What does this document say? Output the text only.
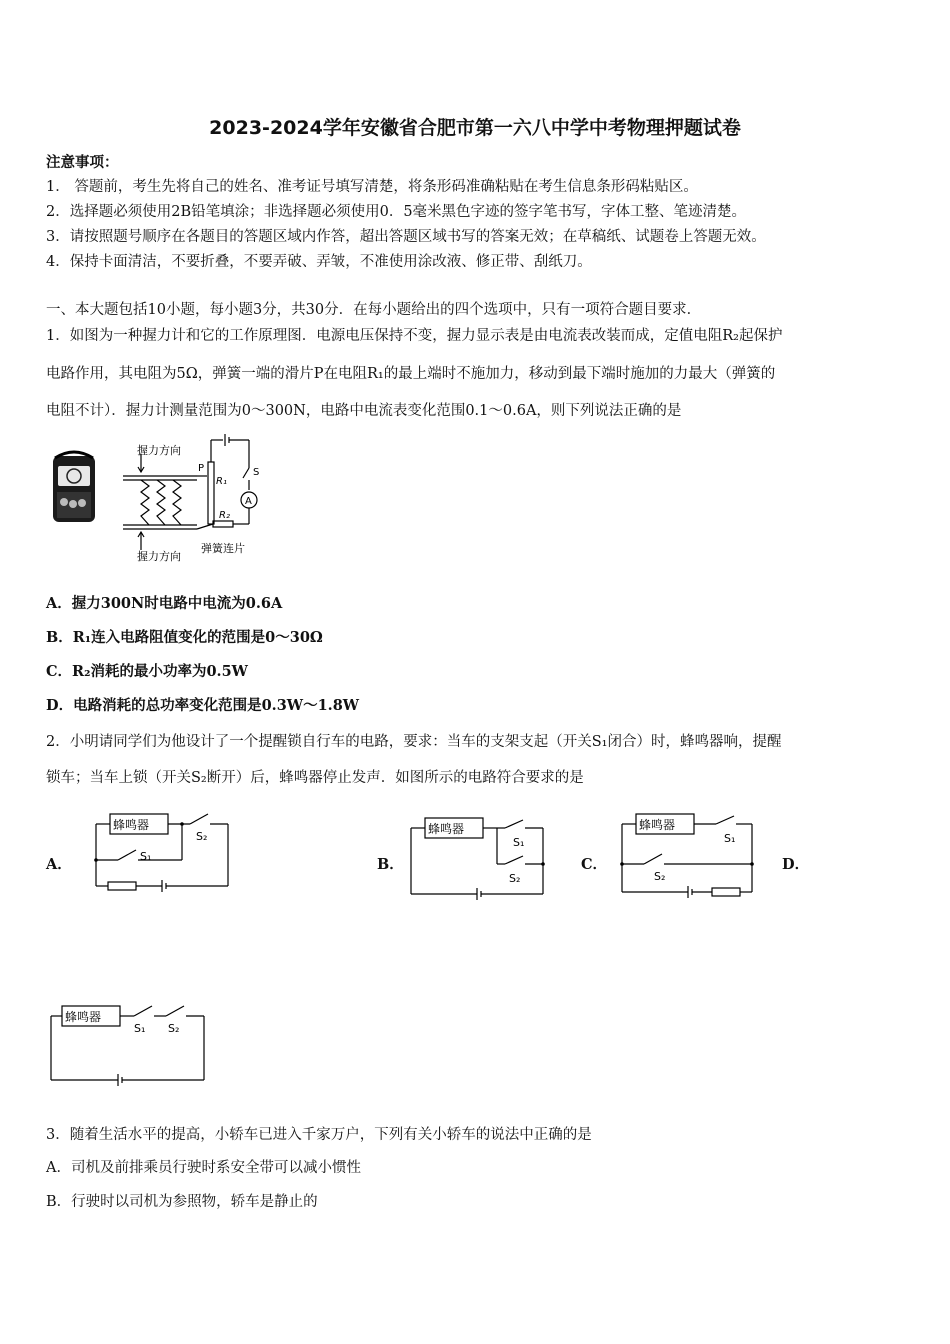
2023-2024学年安徽省合肥市第一六八中学中考物理押题试卷
注意事项：
1． 答题前，考生先将自己的姓名、准考证号填写清楚，将条形码准确粘贴在考生信息条形码粘贴区。
2．选择题必须使用2B铅笔填涂；非选择题必须使用0．5毫米黑色字迹的签字笔书写，字体工整、笔迹清楚。
3．请按照题号顺序在各题目的答题区域内作答，超出答题区域书写的答案无效；在草稿纸、试题卷上答题无效。
4．保持卡面清洁，不要折叠，不要弄破、弄皱，不准使用涂改液、修正带、刮纸刀。
一、本大题包括10小题，每小题3分，共30分．在每小题给出的四个选项中，只有一项符合题目要求．
1．如图为一种握力计和它的工作原理图．电源电压保持不变，握力显示表是由电流表改装而成，定值电阻R₂起保护
电路作用，其电阻为5Ω，弹簧一端的滑片P在电阻R₁的最上端时不施加力，移动到最下端时施加的力最大（弹簧的
电阻不计）．握力计测量范围为0～300N，电路中电流表变化范围0.1～0.6A，则下列说法正确的是
握力方向
握力方向
弹簧连片
P
R₁
R₂
S
A
A．握力300N时电路中电流为0.6A
B．R₁连入电路阻值变化的范围是0～30Ω
C．R₂消耗的最小功率为0.5W
D．电路消耗的总功率变化范围是0.3W～1.8W
2．小明请同学们为他设计了一个提醒锁自行车的电路，要求：当车的支架支起（开关S₁闭合）时，蜂鸣器响，提醒
锁车；当车上锁（开关S₂断开）后，蜂鸣器停止发声．如图所示的电路符合要求的是
A．	B．	C．	D．
蜂鸣器
S₁
S₂
蜂鸣器
S₁
S₂
蜂鸣器
S₁
S₂
蜂鸣器
S₁ S₂
3．随着生活水平的提高，小轿车已进入千家万户，下列有关小轿车的说法中正确的是
A．司机及前排乘员行驶时系安全带可以减小惯性
B．行驶时以司机为参照物，轿车是静止的
